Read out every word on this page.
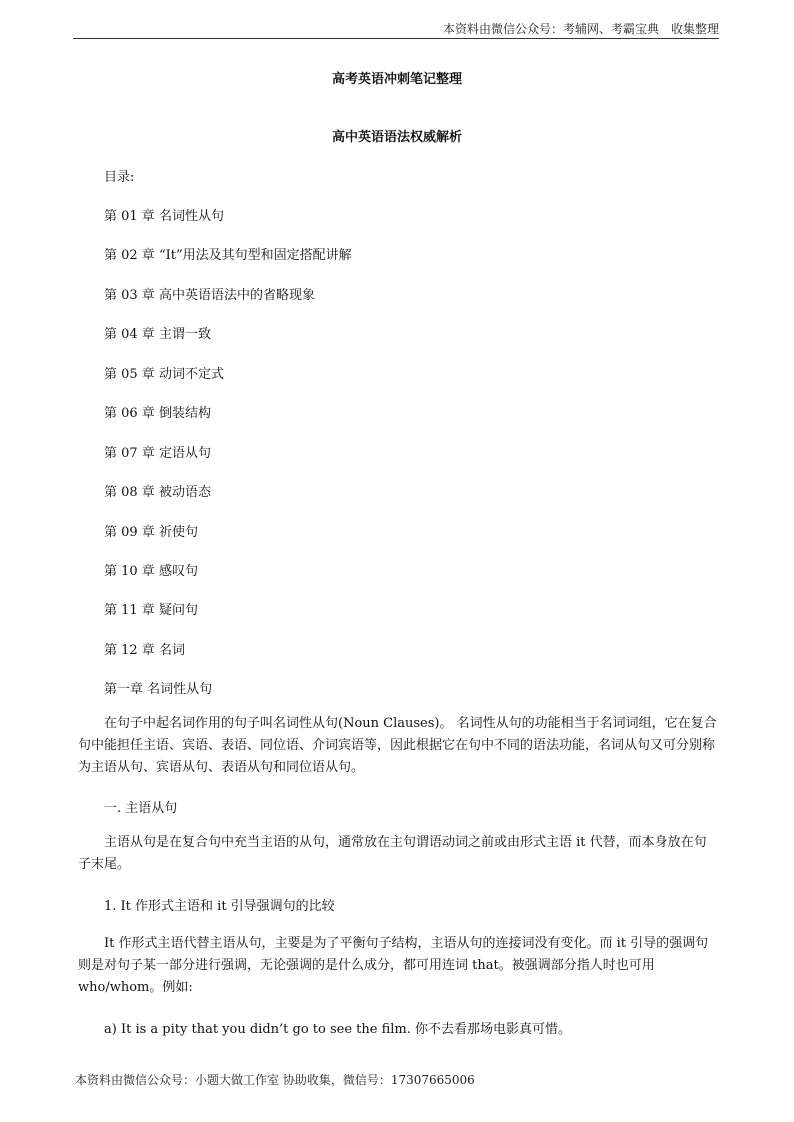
本资料由微信公众号：考辅网、考霸宝典　收集整理
高考英语冲刺笔记整理
高中英语语法权威解析
目录:
第 01 章 名词性从句
第 02 章 “It”用法及其句型和固定搭配讲解
第 03 章 高中英语语法中的省略现象
第 04 章 主谓一致
第 05 章 动词不定式
第 06 章 倒装结构
第 07 章 定语从句
第 08 章 被动语态
第 09 章 祈使句
第 10 章 感叹句
第 11 章 疑问句
第 12 章 名词
第一章 名词性从句
在句子中起名词作用的句子叫名词性从句(Noun Clauses)。 名词性从句的功能相当于名词词组，它在复合句中能担任主语、宾语、表语、同位语、介词宾语等，因此根据它在句中不同的语法功能，名词从句又可分别称为主语从句、宾语从句、表语从句和同位语从句。
一. 主语从句
主语从句是在复合句中充当主语的从句，通常放在主句谓语动词之前或由形式主语 it 代替，而本身放在句子末尾。
1. It 作形式主语和 it 引导强调句的比较
It 作形式主语代替主语从句，主要是为了平衡句子结构，主语从句的连接词没有变化。而 it 引导的强调句则是对句子某一部分进行强调，无论强调的是什么成分，都可用连词 that。被强调部分指人时也可用 who/whom。例如:
a) It is a pity that you didn’t go to see the film. 你不去看那场电影真可惜。
本资料由微信公众号：小题大做工作室 协助收集，微信号：17307665006
